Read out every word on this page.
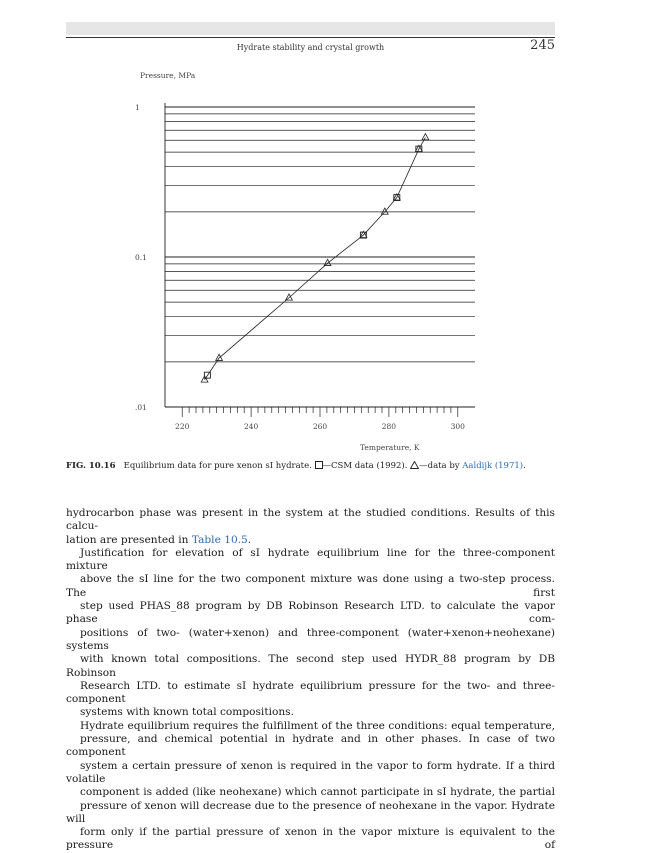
Hydrate stability and crystal growth	245
Pressure, MPa
220	240	260	280	300
1
0.1
.01
Temperature, K
FIG. 10.16 Equilibrium data for pure xenon sI hydrate. —CSM data (1992). —data by Aaldijk (1971).

hydrocarbon phase was present in the system at the studied conditions. Results of this calcu-
lation are presented in Table 10.5.

Justification for elevation of sI hydrate equilibrium line for the three-component mixture
above the sI line for the two component mixture was done using a two-step process. The first
step used PHAS_88 program by DB Robinson Research LTD. to calculate the vapor phase com-
positions of two- (water+xenon) and three-component (water+xenon+neohexane) systems
with known total compositions. The second step used HYDR_88 program by DB Robinson
Research LTD. to estimate sI hydrate equilibrium pressure for the two- and three-component
systems with known total compositions.

Hydrate equilibrium requires the fulfillment of the three conditions: equal temperature,
pressure, and chemical potential in hydrate and in other phases. In case of two component
system a certain pressure of xenon is required in the vapor to form hydrate. If a third volatile
component is added (like neohexane) which cannot participate in sI hydrate, the partial
pressure of xenon will decrease due to the presence of neohexane in the vapor. Hydrate will
form only if the partial pressure of xenon in the vapor mixture is equivalent to the pressure of
